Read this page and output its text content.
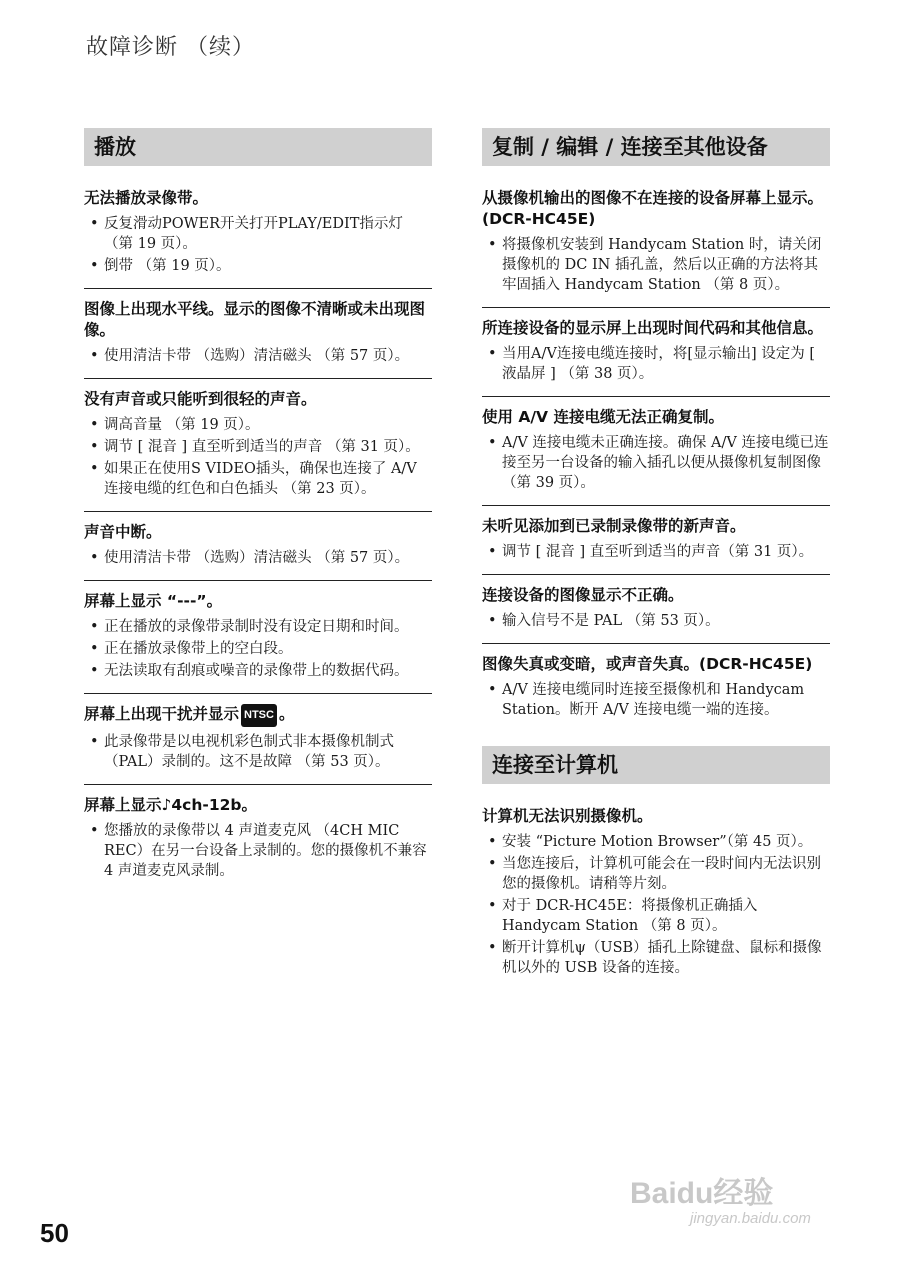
故障诊断 （续）
播放
无法播放录像带。
• 反复滑动POWER开关打开PLAY/EDIT指示灯 （第 19 页）。
• 倒带 （第 19 页）。
图像上出现水平线。显示的图像不清晰或未出现图像。
• 使用清洁卡带 （选购）清洁磁头 （第 57 页）。
没有声音或只能听到很轻的声音。
• 调高音量 （第 19 页）。
• 调节 [ 混音 ] 直至听到适当的声音 （第 31 页）。
• 如果正在使用S VIDEO插头，确保也连接了 A/V 连接电缆的红色和白色插头 （第 23 页）。
声音中断。
• 使用清洁卡带 （选购）清洁磁头 （第 57 页）。
屏幕上显示 “---”。
• 正在播放的录像带录制时没有设定日期和时间。
• 正在播放录像带上的空白段。
• 无法读取有刮痕或噪音的录像带上的数据代码。
屏幕上出现干扰并显示 NTSC 。
• 此录像带是以电视机彩色制式非本摄像机制式 （PAL）录制的。这不是故障 （第 53 页）。
屏幕上显示♪4ch-12b。
• 您播放的录像带以 4 声道麦克风 （4CH MIC REC）在另一台设备上录制的。您的摄像机不兼容 4 声道麦克风录制。
复制 / 编辑 / 连接至其他设备
从摄像机输出的图像不在连接的设备屏幕上显示。(DCR-HC45E)
• 将摄像机安装到 Handycam Station 时，请关闭摄像机的 DC IN 插孔盖，然后以正确的方法将其牢固插入 Handycam Station （第 8 页）。
所连接设备的显示屏上出现时间代码和其他信息。
• 当用A/V连接电缆连接时，将[显示输出] 设定为 [ 液晶屏 ] （第 38 页）。
使用 A/V 连接电缆无法正确复制。
• A/V 连接电缆未正确连接。确保 A/V 连接电缆已连接至另一台设备的输入插孔以便从摄像机复制图像 （第 39 页）。
未听见添加到已录制录像带的新声音。
• 调节 [ 混音 ] 直至听到适当的声音（第 31 页）。
连接设备的图像显示不正确。
• 输入信号不是 PAL （第 53 页）。
图像失真或变暗，或声音失真。(DCR-HC45E)
• A/V 连接电缆同时连接至摄像机和 Handycam Station。断开 A/V 连接电缆一端的连接。
连接至计算机
计算机无法识别摄像机。
• 安装 “Picture Motion Browser”（第 45 页）。
• 当您连接后，计算机可能会在一段时间内无法识别您的摄像机。请稍等片刻。
• 对于 DCR-HC45E：将摄像机正确插入 Handycam Station （第 8 页）。
• 断开计算机ψ（USB）插孔上除键盘、鼠标和摄像机以外的 USB 设备的连接。
50
Baidu经验
jingyan.baidu.com
